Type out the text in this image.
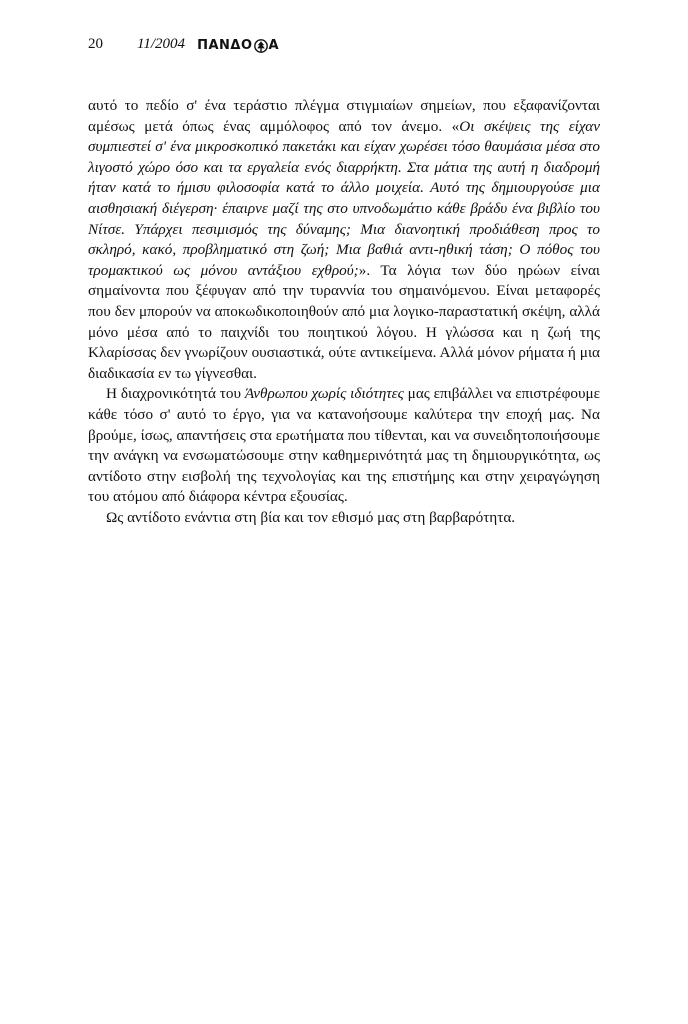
20 11/2004 ΠΑΝΔΟ Α

αυτό το πεδίο σ' ένα τεράστιο πλέγμα στιγμιαίων σημείων, που εξαφανίζονται αμέσως μετά όπως ένας αμμόλοφος από τον άνεμο. «Οι σκέψεις της είχαν συμπιεστεί σ' ένα μικροσκοπικό πακετάκι και είχαν χωρέσει τόσο θαυμάσια μέσα στο λιγοστό χώρο όσο και τα εργαλεία ενός διαρρήκτη. Στα μάτια της αυτή η διαδρομή ήταν κατά το ήμισυ φιλοσοφία κατά το άλλο μοιχεία. Αυτό της δημιουργούσε μια αισθησιακή διέγερση· έπαιρνε μαζί της στο υπνοδωμάτιο κάθε βράδυ ένα βιβλίο του Νίτσε. Υπάρχει πεσιμισμός της δύναμης; Μια διανοητική προδιάθεση προς το σκληρό, κακό, προβληματικό στη ζωή; Μια βαθιά αντι-ηθική τάση; Ο πόθος του τρομακτικού ως μόνου αντάξιου εχθρού;». Τα λόγια των δύο ηρώων είναι σημαίνοντα που ξέφυγαν από την τυραννία του σημαινόμενου. Είναι μεταφορές που δεν μπορούν να αποκωδικοποιηθούν από μια λογικο-παραστατική σκέψη, αλλά μόνο μέσα από το παιχνίδι του ποιητικού λόγου. Η γλώσσα και η ζωή της Κλαρίσσας δεν γνωρίζουν ουσιαστικά, ούτε αντικείμενα. Αλλά μόνον ρήματα ή μια διαδικασία εν τω γίγνεσθαι.

Η διαχρονικότητά του Άνθρωπου χωρίς ιδιότητες μας επιβάλλει να επιστρέφουμε κάθε τόσο σ' αυτό το έργο, για να κατανοήσουμε καλύτερα την εποχή μας. Να βρούμε, ίσως, απαντήσεις στα ερωτήματα που τίθενται, και να συνειδητοποιήσουμε την ανάγκη να ενσωματώσουμε στην καθημερινότητά μας τη δημιουργικότητα, ως αντίδοτο στην εισβολή της τεχνολογίας και της επιστήμης και στην χειραγώγηση του ατόμου από διάφορα κέντρα εξουσίας.

Ως αντίδοτο ενάντια στη βία και τον εθισμό μας στη βαρβαρότητα.
